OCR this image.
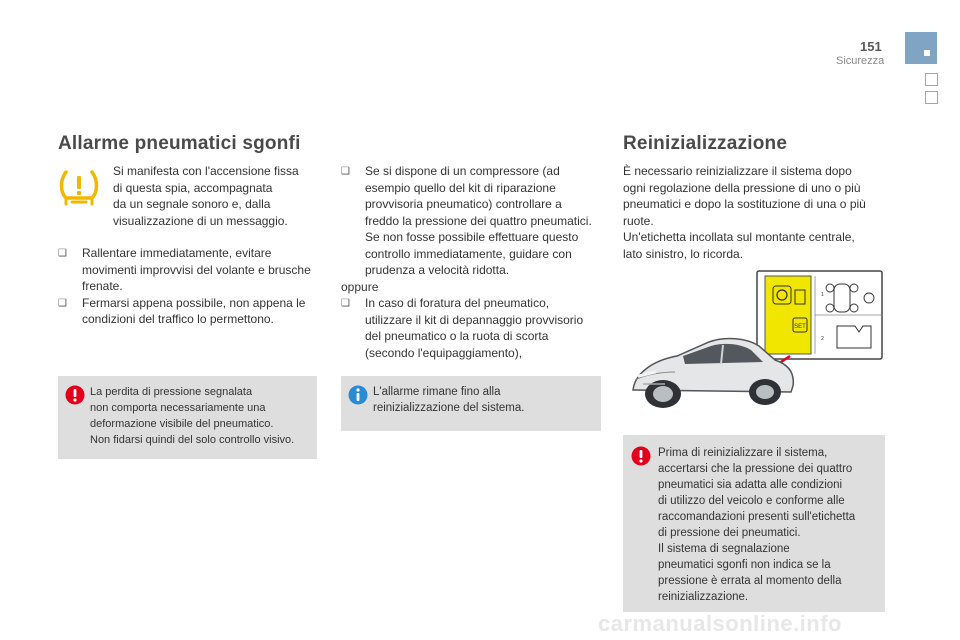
151
Sicurezza
Allarme pneumatici sgonfi
Si manifesta con l'accensione fissa
di questa spia, accompagnata
da un segnale sonoro e, dalla
visualizzazione di un messaggio.
❑	Rallentare immediatamente, evitare
movimenti improvvisi del volante e brusche
frenate.
❑	Fermarsi appena possibile, non appena le
condizioni del traffico lo permettono.
La perdita di pressione segnalata
non comporta necessariamente una
deformazione visibile del pneumatico.
Non fidarsi quindi del solo controllo visivo.
❑	Se si dispone di un compressore (ad
esempio quello del kit di riparazione
provvisoria pneumatico) controllare a
freddo la pressione dei quattro pneumatici.
Se non fosse possibile effettuare questo
controllo immediatamente, guidare con
prudenza a velocità ridotta.
oppure
❑	In caso di foratura del pneumatico,
utilizzare il kit di depannaggio provvisorio
del pneumatico o la ruota di scorta
(secondo l'equipaggiamento),
L'allarme rimane fino alla
reinizializzazione del sistema.
Reinizializzazione
È necessario reinizializzare il sistema dopo
ogni regolazione della pressione di uno o più
pneumatici e dopo la sostituzione di una o più
ruote.
Un'etichetta incollata sul montante centrale,
lato sinistro, lo ricorda.
SET
1
2
Prima di reinizializzare il sistema,
accertarsi che la pressione dei quattro
pneumatici sia adatta alle condizioni
di utilizzo del veicolo e conforme alle
raccomandazioni presenti sull'etichetta
di pressione dei pneumatici.
Il sistema di segnalazione
pneumatici sgonfi non indica se la
pressione è errata al momento della
reinizializzazione.
carmanualsonline.info
